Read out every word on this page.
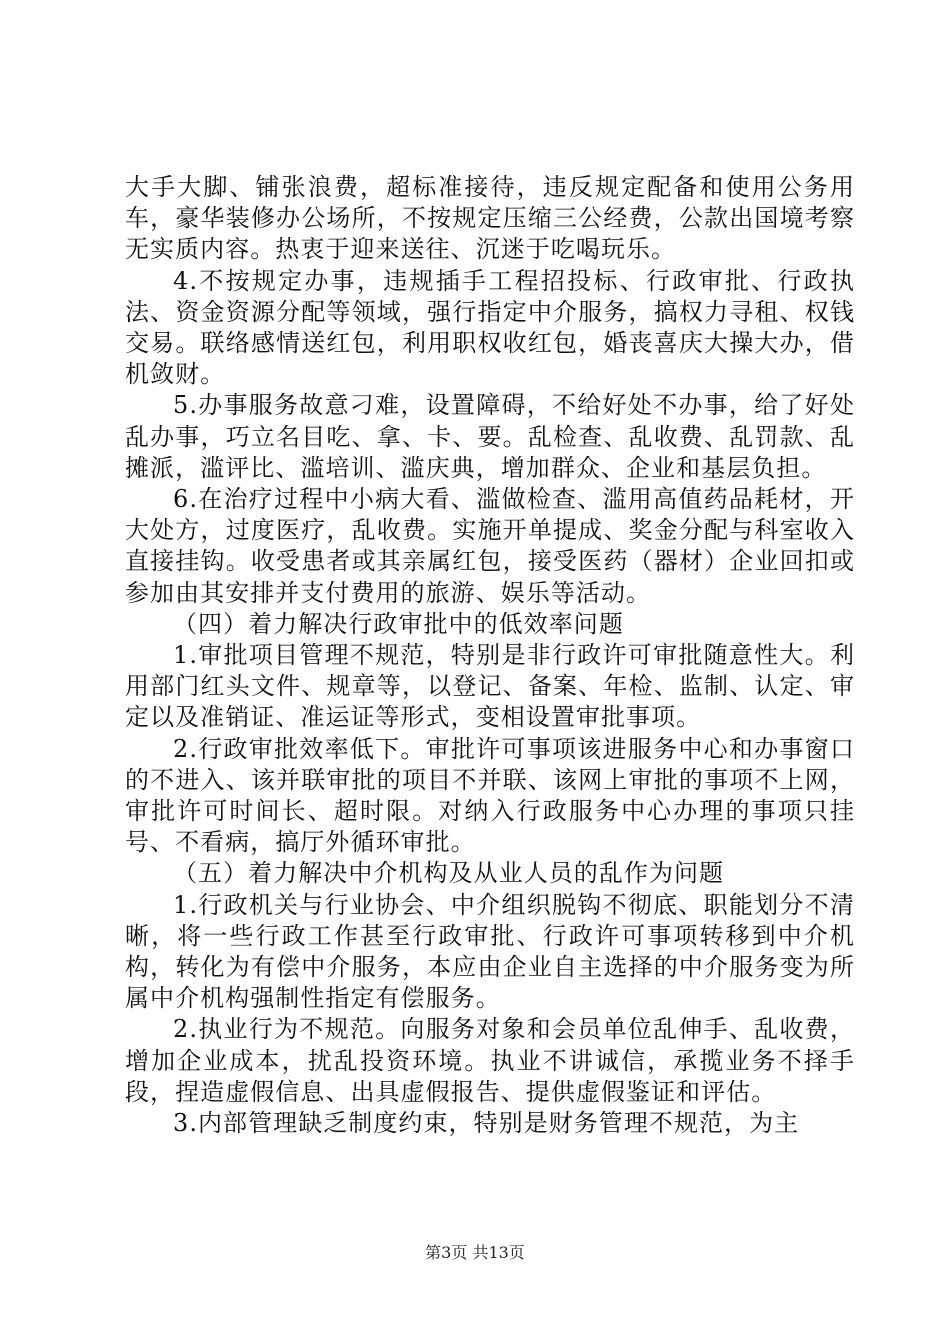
大手大脚、铺张浪费，超标准接待，违反规定配备和使用公务用车，豪华装修办公场所，不按规定压缩三公经费，公款出国境考察无实质内容。热衷于迎来送往、沉迷于吃喝玩乐。

4.不按规定办事，违规插手工程招投标、行政审批、行政执法、资金资源分配等领域，强行指定中介服务，搞权力寻租、权钱交易。联络感情送红包，利用职权收红包，婚丧喜庆大操大办，借机敛财。

5.办事服务故意刁难，设置障碍，不给好处不办事，给了好处乱办事，巧立名目吃、拿、卡、要。乱检查、乱收费、乱罚款、乱摊派，滥评比、滥培训、滥庆典，增加群众、企业和基层负担。

6.在治疗过程中小病大看、滥做检查、滥用高值药品耗材，开大处方，过度医疗，乱收费。实施开单提成、奖金分配与科室收入直接挂钩。收受患者或其亲属红包，接受医药（器材）企业回扣或参加由其安排并支付费用的旅游、娱乐等活动。

（四）着力解决行政审批中的低效率问题

1.审批项目管理不规范，特别是非行政许可审批随意性大。利用部门红头文件、规章等，以登记、备案、年检、监制、认定、审定以及准销证、准运证等形式，变相设置审批事项。

2.行政审批效率低下。审批许可事项该进服务中心和办事窗口的不进入、该并联审批的项目不并联、该网上审批的事项不上网，审批许可时间长、超时限。对纳入行政服务中心办理的事项只挂号、不看病，搞厅外循环审批。

（五）着力解决中介机构及从业人员的乱作为问题

1.行政机关与行业协会、中介组织脱钩不彻底、职能划分不清晰，将一些行政工作甚至行政审批、行政许可事项转移到中介机构，转化为有偿中介服务，本应由企业自主选择的中介服务变为所属中介机构强制性指定有偿服务。

2.执业行为不规范。向服务对象和会员单位乱伸手、乱收费，增加企业成本，扰乱投资环境。执业不讲诚信，承揽业务不择手段，捏造虚假信息、出具虚假报告、提供虚假鉴证和评估。

3.内部管理缺乏制度约束，特别是财务管理不规范，为主

第3页 共13页
